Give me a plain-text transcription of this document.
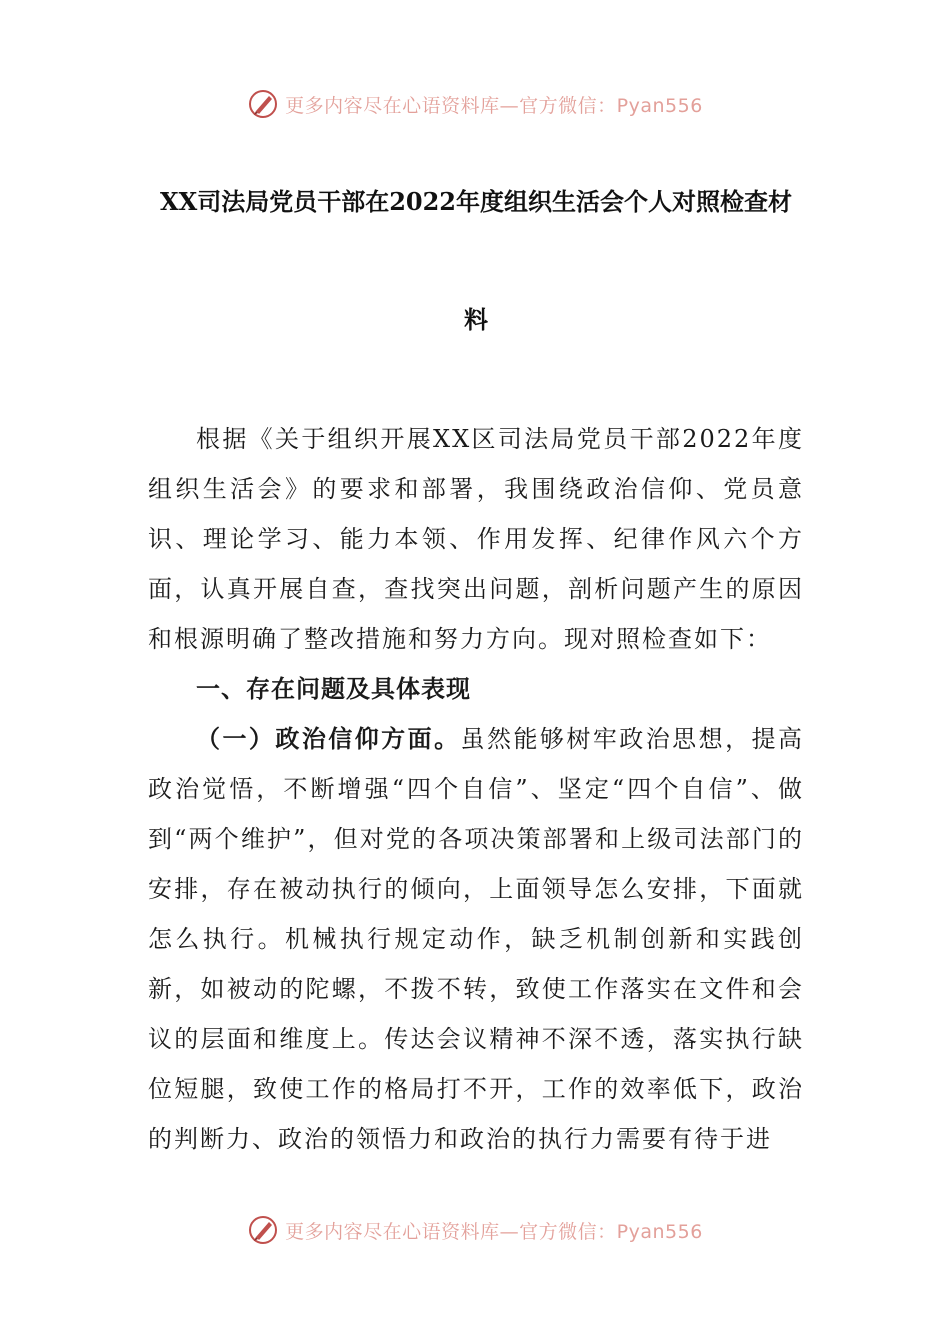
更多内容尽在心语资料库—官方微信：Pyan556
XX司法局党员干部在2022年度组织生活会个人对照检查材
料

根据《关于组织开展XX区司法局党员干部2022年度组织生活会》的要求和部署，我围绕政治信仰、党员意识、理论学习、能力本领、作用发挥、纪律作风六个方面，认真开展自查，查找突出问题，剖析问题产生的原因和根源明确了整改措施和努力方向。现对照检查如下：

一、存在问题及具体表现

（一）政治信仰方面。虽然能够树牢政治思想，提高政治觉悟，不断增强“四个自信”、坚定“四个自信”、做到“两个维护”，但对党的各项决策部署和上级司法部门的安排，存在被动执行的倾向，上面领导怎么安排，下面就怎么执行。机械执行规定动作，缺乏机制创新和实践创新，如被动的陀螺，不拨不转，致使工作落实在文件和会议的层面和维度上。传达会议精神不深不透，落实执行缺位短腿，致使工作的格局打不开，工作的效率低下，政治的判断力、政治的领悟力和政治的执行力需要有待于进

更多内容尽在心语资料库—官方微信：Pyan556
